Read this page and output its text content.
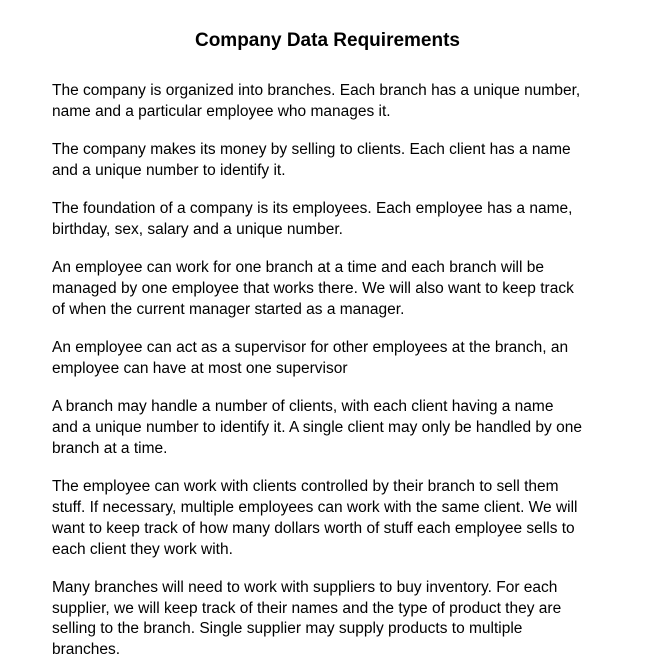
Company Data Requirements

The company is organized into branches. Each branch has a unique number,
name and a particular employee who manages it.

The company makes its money by selling to clients. Each client has a name
and a unique number to identify it.

The foundation of a company is its employees. Each employee has a name,
birthday, sex, salary and a unique number.

An employee can work for one branch at a time and each branch will be
managed by one employee that works there. We will also want to keep track
of when the current manager started as a manager.

An employee can act as a supervisor for other employees at the branch, an
employee can have at most one supervisor

A branch may handle a number of clients, with each client having a name
and a unique number to identify it. A single client may only be handled by one
branch at a time.

The employee can work with clients controlled by their branch to sell them
stuff. If necessary, multiple employees can work with the same client. We will
want to keep track of how many dollars worth of stuff each employee sells to
each client they work with.

Many branches will need to work with suppliers to buy inventory. For each
supplier, we will keep track of their names and the type of product they are
selling to the branch. Single supplier may supply products to multiple
branches.
